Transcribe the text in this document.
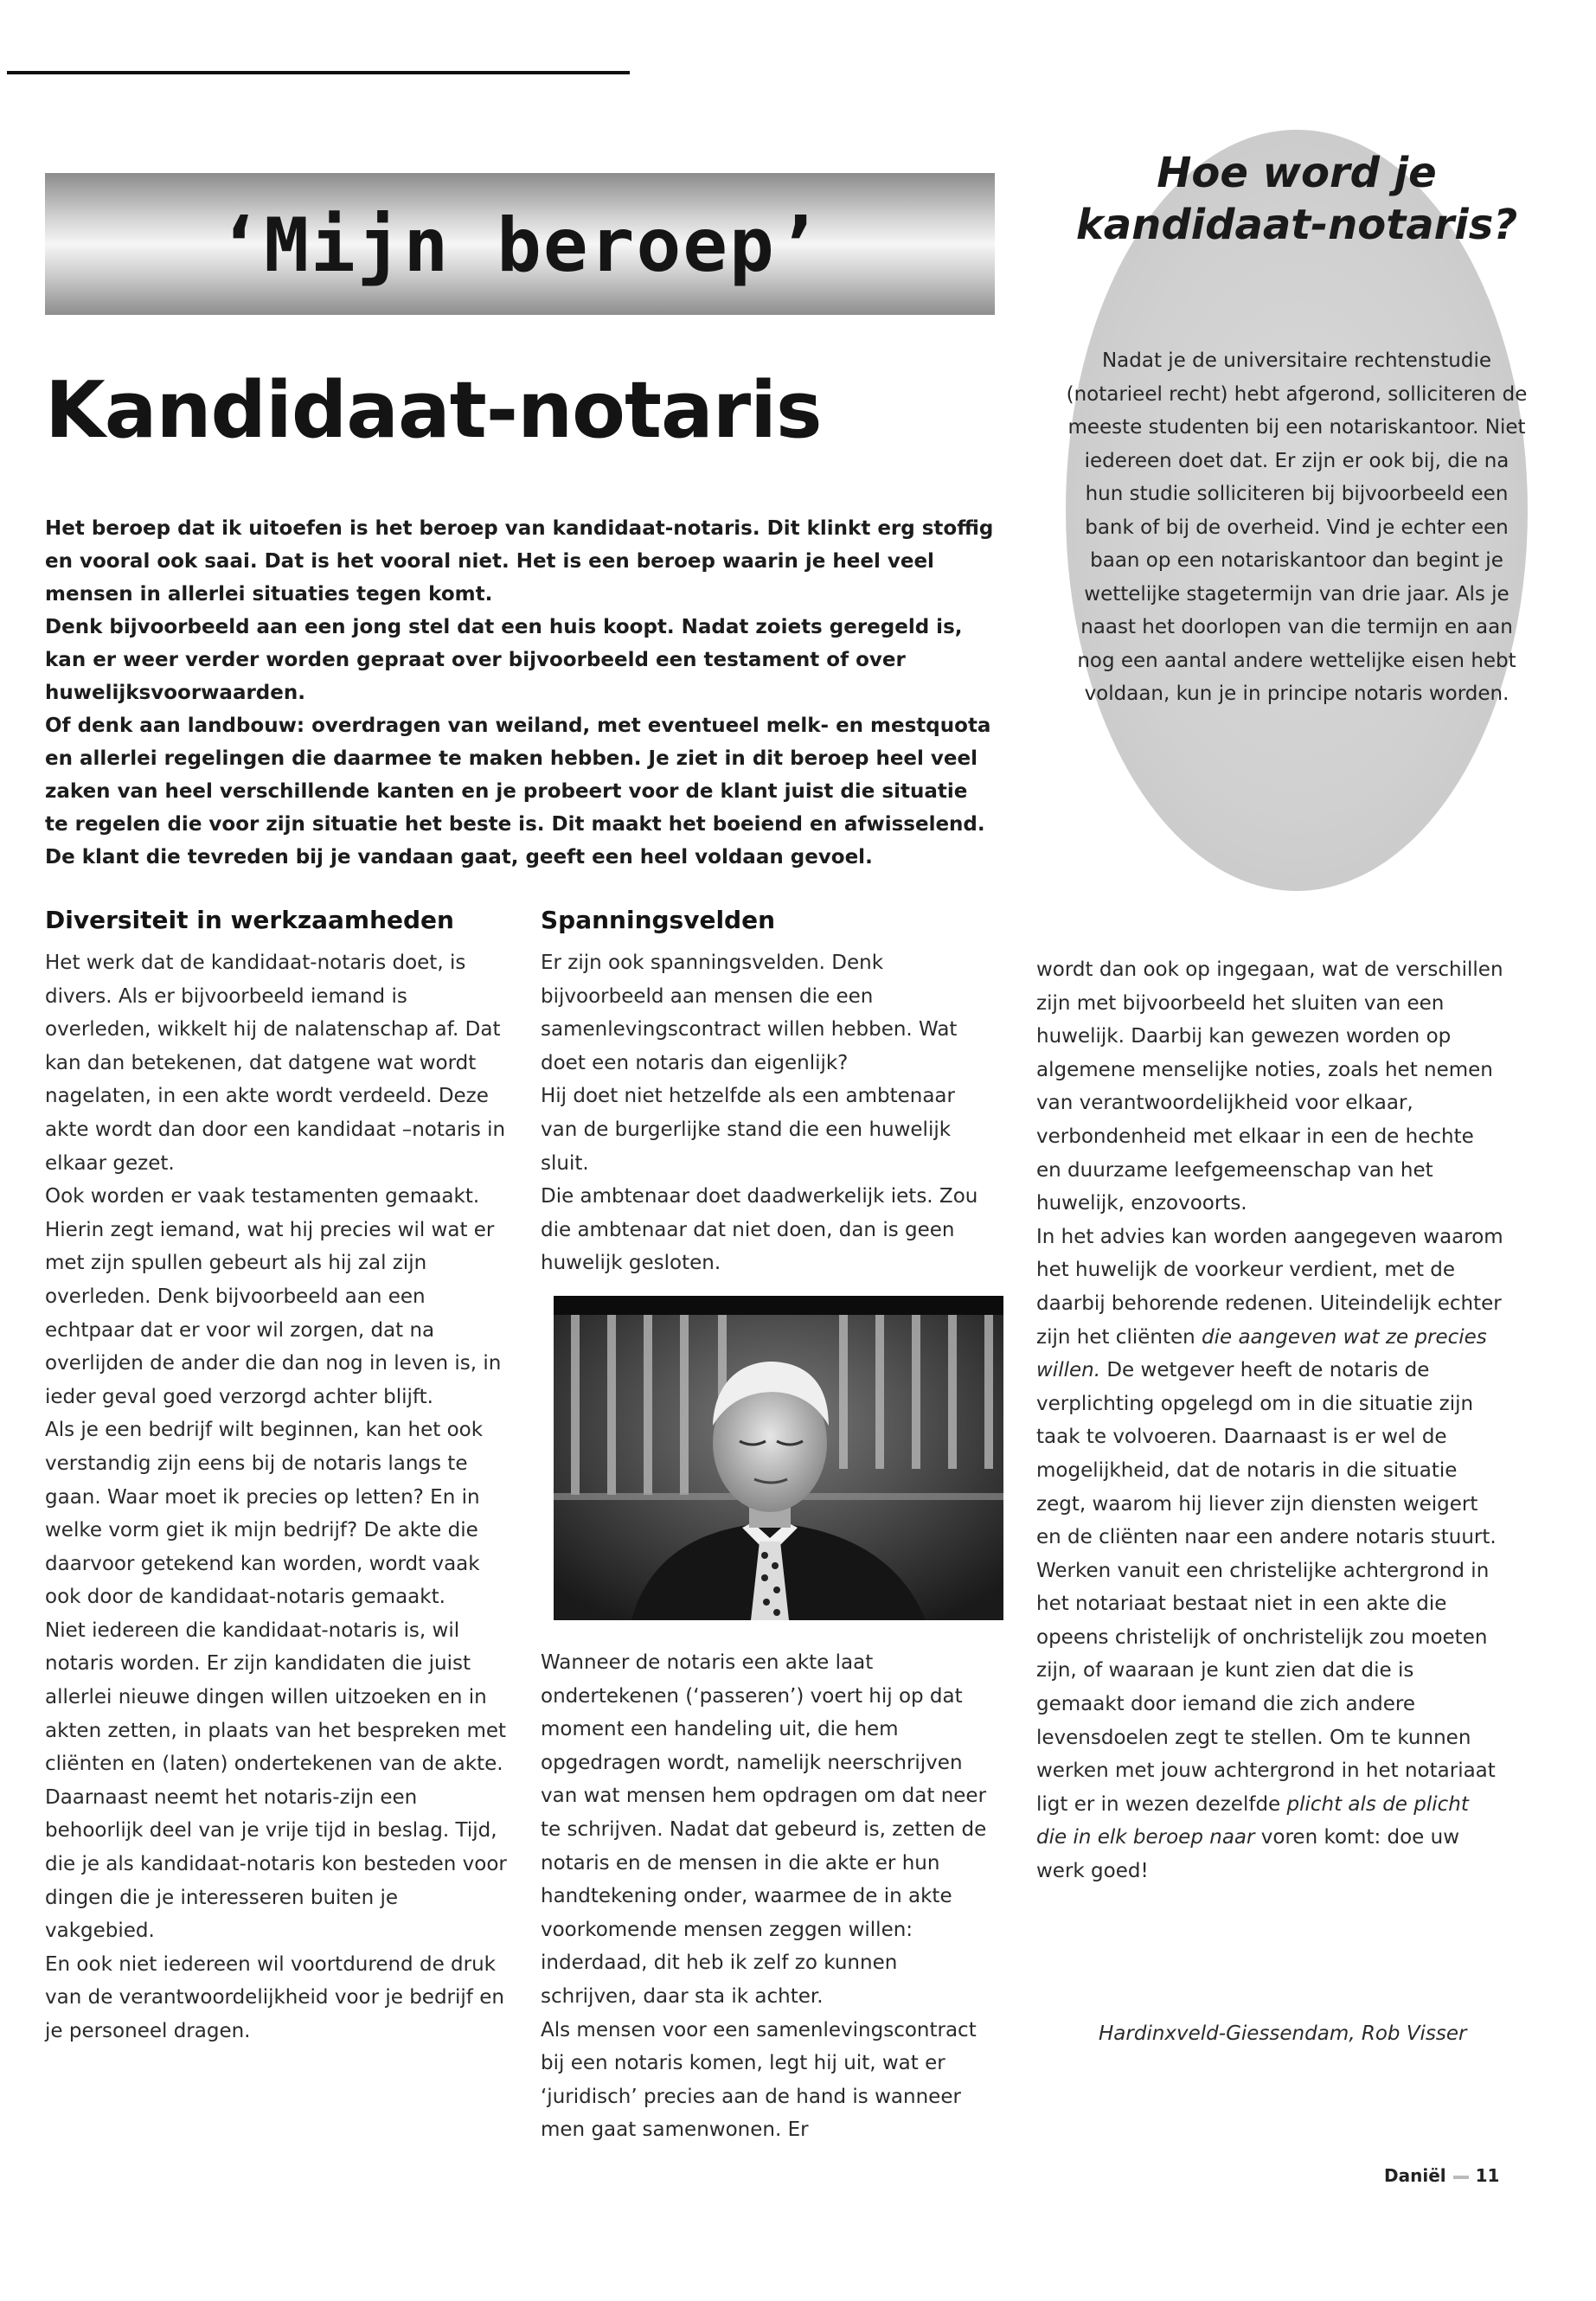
‘Mijn beroep’
Kandidaat-notaris

Het beroep dat ik uitoefen is het beroep van kandidaat-notaris. Dit klinkt erg stoffig en vooral ook saai. Dat is het vooral niet. Het is een beroep waarin je heel veel mensen in allerlei situaties tegen komt.

Denk bijvoorbeeld aan een jong stel dat een huis koopt. Nadat zoiets geregeld is, kan er weer verder worden gepraat over bijvoorbeeld een testament of over huwelijksvoorwaarden.

Of denk aan landbouw: overdragen van weiland, met eventueel melk- en mestquota en allerlei regelingen die daarmee te maken hebben. Je ziet in dit beroep heel veel zaken van heel verschillende kanten en je probeert voor de klant juist die situatie te regelen die voor zijn situatie het beste is. Dit maakt het boeiend en afwisselend. De klant die tevreden bij je vandaan gaat, geeft een heel voldaan gevoel.

Diversiteit in werkzaamheden

Het werk dat de kandidaat-notaris doet, is divers. Als er bijvoorbeeld iemand is overleden, wikkelt hij de nalatenschap af. Dat kan dan betekenen, dat datgene wat wordt nagelaten, in een akte wordt verdeeld. Deze akte wordt dan door een kandidaat –notaris in elkaar gezet.

Ook worden er vaak testamenten gemaakt. Hierin zegt iemand, wat hij precies wil wat er met zijn spullen gebeurt als hij zal zijn overleden. Denk bijvoorbeeld aan een echtpaar dat er voor wil zorgen, dat na overlijden de ander die dan nog in leven is, in ieder geval goed verzorgd achter blijft.

Als je een bedrijf wilt beginnen, kan het ook verstandig zijn eens bij de notaris langs te gaan. Waar moet ik precies op letten? En in welke vorm giet ik mijn bedrijf? De akte die daarvoor getekend kan worden, wordt vaak ook door de kandidaat-notaris gemaakt.

Niet iedereen die kandidaat-notaris is, wil notaris worden. Er zijn kandidaten die juist allerlei nieuwe dingen willen uitzoeken en in akten zetten, in plaats van het bespreken met cliënten en (laten) ondertekenen van de akte. Daarnaast neemt het notaris-zijn een behoorlijk deel van je vrije tijd in beslag. Tijd, die je als kandidaat-notaris kon besteden voor dingen die je interesseren buiten je vakgebied.

En ook niet iedereen wil voortdurend de druk van de verantwoordelijkheid voor je bedrijf en je personeel dragen.

Spanningsvelden

Er zijn ook spanningsvelden. Denk bijvoorbeeld aan mensen die een samenlevingscontract willen hebben. Wat doet een notaris dan eigenlijk?

Hij doet niet hetzelfde als een ambtenaar van de burgerlijke stand die een huwelijk sluit.

Die ambtenaar doet daadwerkelijk iets. Zou die ambtenaar dat niet doen, dan is geen huwelijk gesloten.

Wanneer de notaris een akte laat ondertekenen (‘passeren’) voert hij op dat moment een handeling uit, die hem opgedragen wordt, namelijk neerschrijven van wat mensen hem opdragen om dat neer te schrijven. Nadat dat gebeurd is, zetten de notaris en de mensen in die akte er hun handtekening onder, waarmee de in akte voorkomende mensen zeggen willen: inderdaad, dit heb ik zelf zo kunnen schrijven, daar sta ik achter.

Als mensen voor een samenlevingscontract bij een notaris komen, legt hij uit, wat er ‘juridisch’ precies aan de hand is wanneer men gaat samenwonen. Er

wordt dan ook op ingegaan, wat de verschillen zijn met bijvoorbeeld het sluiten van een huwelijk. Daarbij kan gewezen worden op algemene menselijke noties, zoals het nemen van verantwoordelijkheid voor elkaar, verbondenheid met elkaar in een de hechte en duurzame leefgemeenschap van het huwelijk, enzovoorts.

In het advies kan worden aangegeven waarom het huwelijk de voorkeur verdient, met de daarbij behorende redenen. Uiteindelijk echter zijn het cliënten die aangeven wat ze precies willen. De wetgever heeft de notaris de verplichting opgelegd om in die situatie zijn taak te volvoeren. Daarnaast is er wel de mogelijkheid, dat de notaris in die situatie zegt, waarom hij liever zijn diensten weigert en de cliënten naar een andere notaris stuurt.

Werken vanuit een christelijke achtergrond in het notariaat bestaat niet in een akte die opeens christelijk of onchristelijk zou moeten zijn, of waaraan je kunt zien dat die is gemaakt door iemand die zich andere levensdoelen zegt te stellen. Om te kunnen werken met jouw achtergrond in het notariaat ligt er in wezen dezelfde plicht als de plicht die in elk beroep naar voren komt: doe uw werk goed!

Hardinxveld-Giessendam, Rob Visser

Hoe word je kandidaat-notaris?

Nadat je de universitaire rechtenstudie (notarieel recht) hebt afgerond, solliciteren de meeste studenten bij een notariskantoor. Niet iedereen doet dat. Er zijn er ook bij, die na hun studie solliciteren bij bijvoorbeeld een bank of bij de overheid. Vind je echter een baan op een notariskantoor dan begint je wettelijke stagetermijn van drie jaar. Als je naast het doorlopen van die termijn en aan nog een aantal andere wettelijke eisen hebt voldaan, kun je in principe notaris worden.

Daniël 11
